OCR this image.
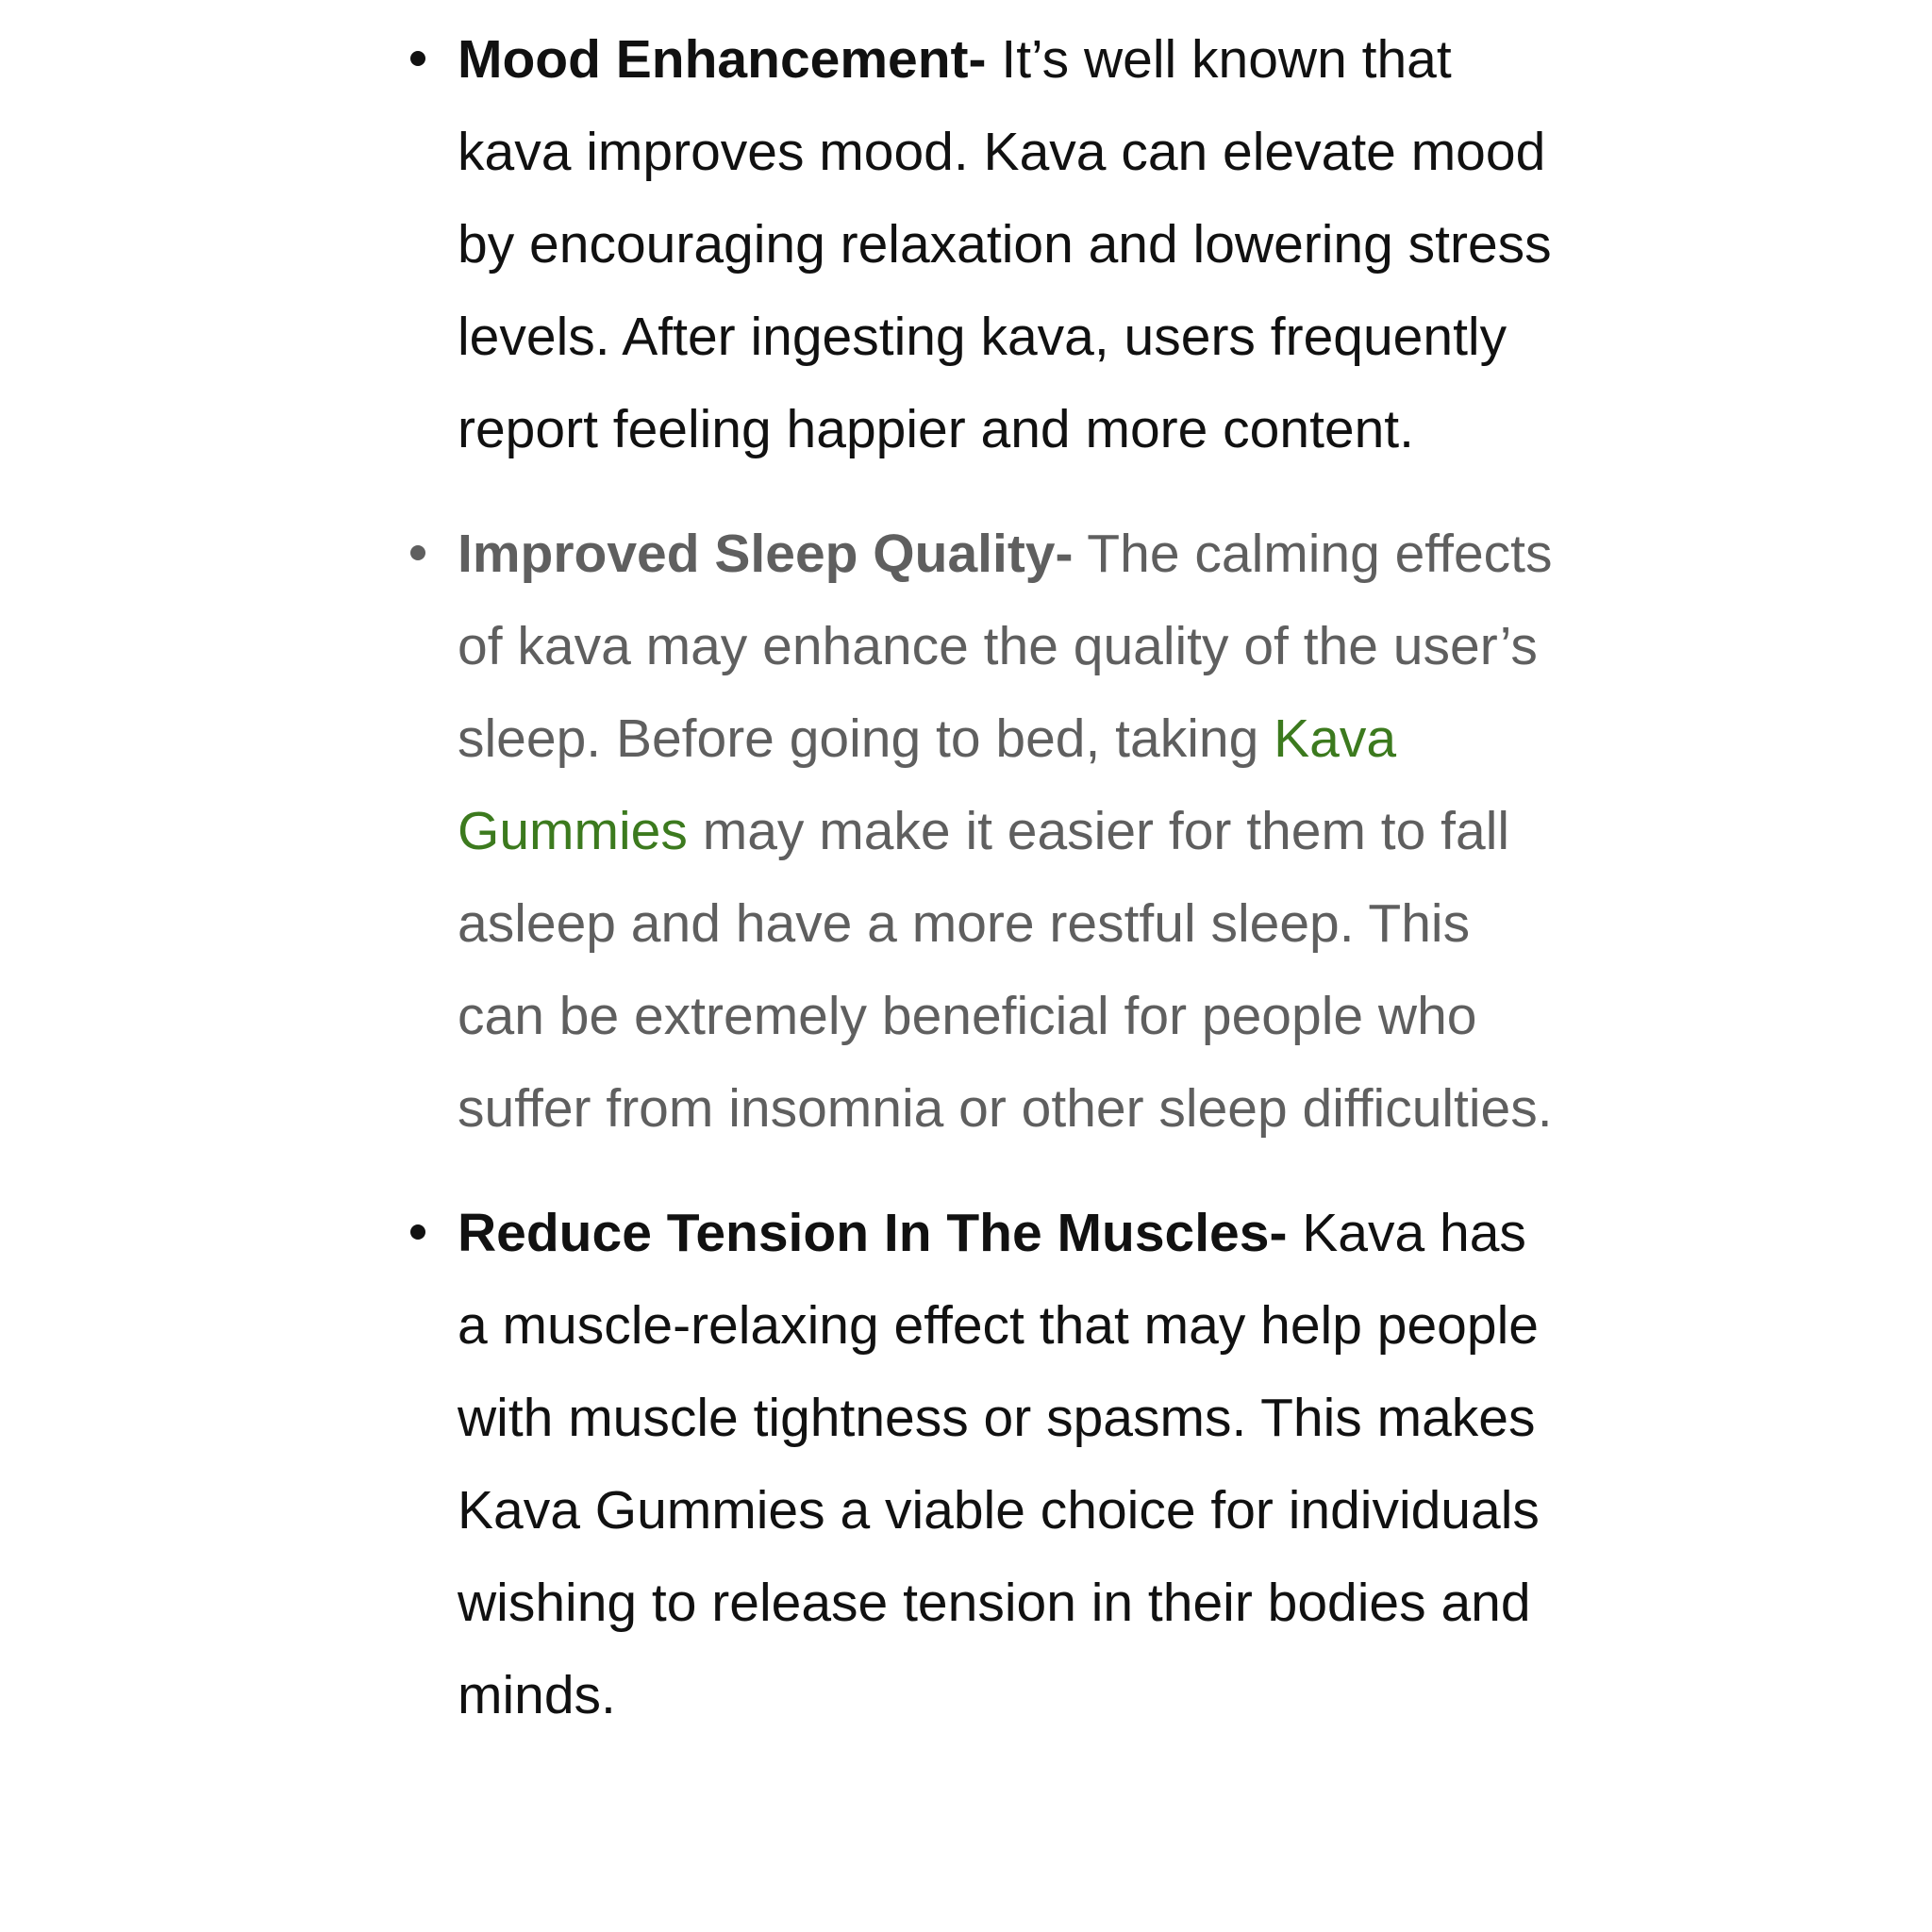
Mood Enhancement- It’s well known that kava improves mood. Kava can elevate mood by encouraging relaxation and lowering stress levels. After ingesting kava, users frequently report feeling happier and more content.
Improved Sleep Quality- The calming effects of kava may enhance the quality of the user’s sleep. Before going to bed, taking Kava Gummies may make it easier for them to fall asleep and have a more restful sleep. This can be extremely beneficial for people who suffer from insomnia or other sleep difficulties.
Reduce Tension In The Muscles- Kava has a muscle-relaxing effect that may help people with muscle tightness or spasms. This makes Kava Gummies a viable choice for individuals wishing to release tension in their bodies and minds.
